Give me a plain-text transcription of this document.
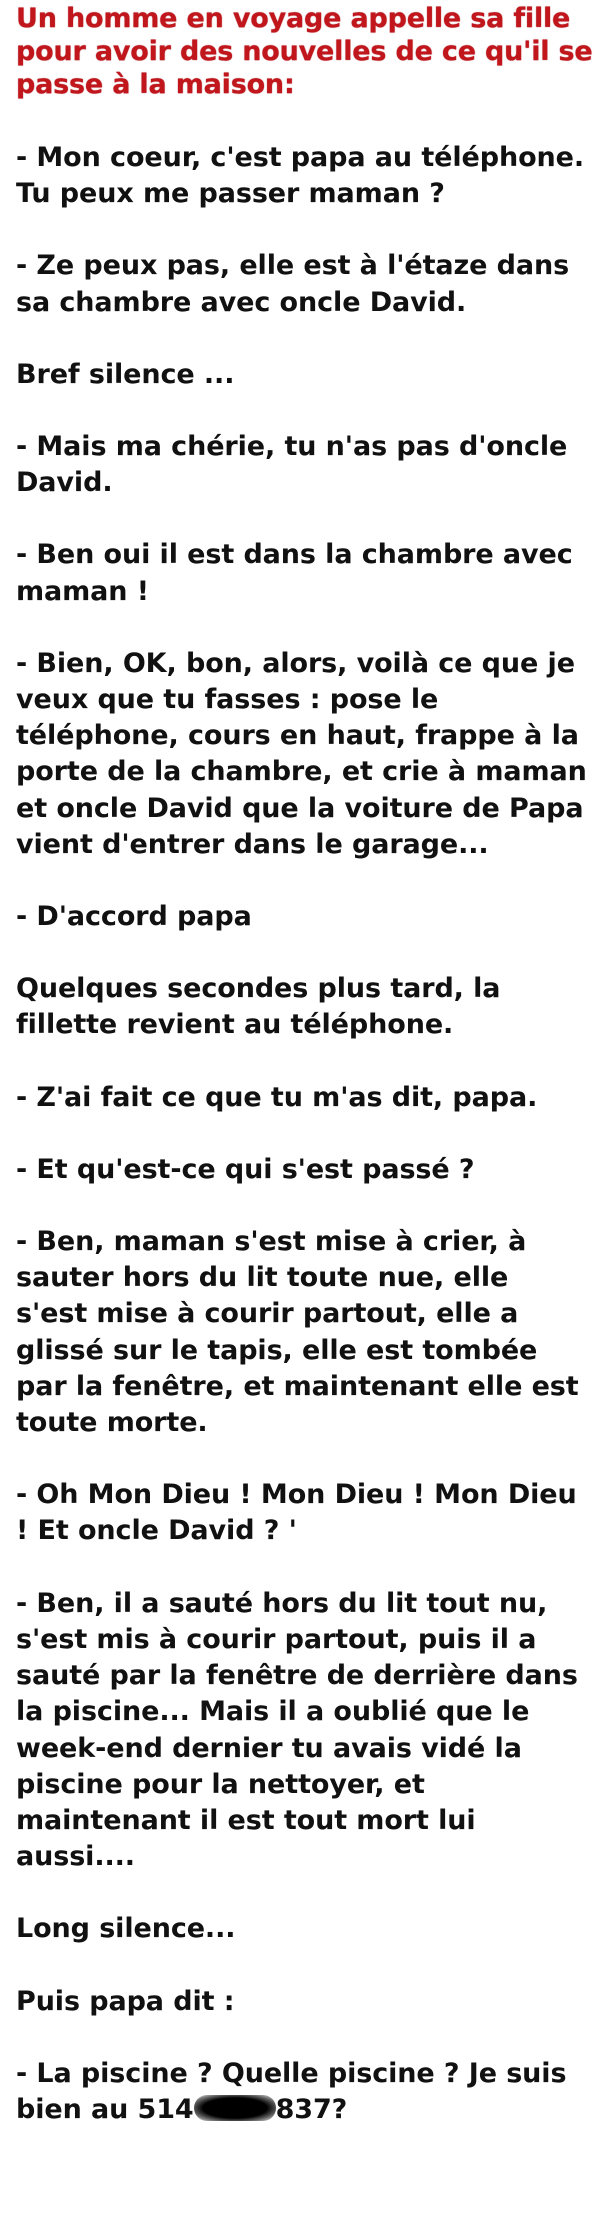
Un homme en voyage appelle sa fille pour avoir des nouvelles de ce qu'il se passe à la maison:

- Mon coeur, c'est papa au téléphone. Tu peux me passer maman ?

- Ze peux pas, elle est à l'étaze dans sa chambre avec oncle David.

Bref silence ...

- Mais ma chérie, tu n'as pas d'oncle David.

- Ben oui il est dans la chambre avec maman !

- Bien, OK, bon, alors, voilà ce que je veux que tu fasses : pose le téléphone, cours en haut, frappe à la porte de la chambre, et crie à maman et oncle David que la voiture de Papa vient d'entrer dans le garage...

- D'accord papa

Quelques secondes plus tard, la fillette revient au téléphone.

- Z'ai fait ce que tu m'as dit, papa.

- Et qu'est-ce qui s'est passé ?

- Ben, maman s'est mise à crier, à sauter hors du lit toute nue, elle s'est mise à courir partout, elle a glissé sur le tapis, elle est tombée par la fenêtre, et maintenant elle est toute morte.

- Oh Mon Dieu ! Mon Dieu ! Mon Dieu ! Et oncle David ? '

- Ben, il a sauté hors du lit tout nu, s'est mis à courir partout, puis il a sauté par la fenêtre de derrière dans la piscine... Mais il a oublié que le week-end dernier tu avais vidé la piscine pour la nettoyer, et maintenant il est tout mort lui aussi....

Long silence...

Puis papa dit :

- La piscine ? Quelle piscine ? Je suis bien au 514	837?
